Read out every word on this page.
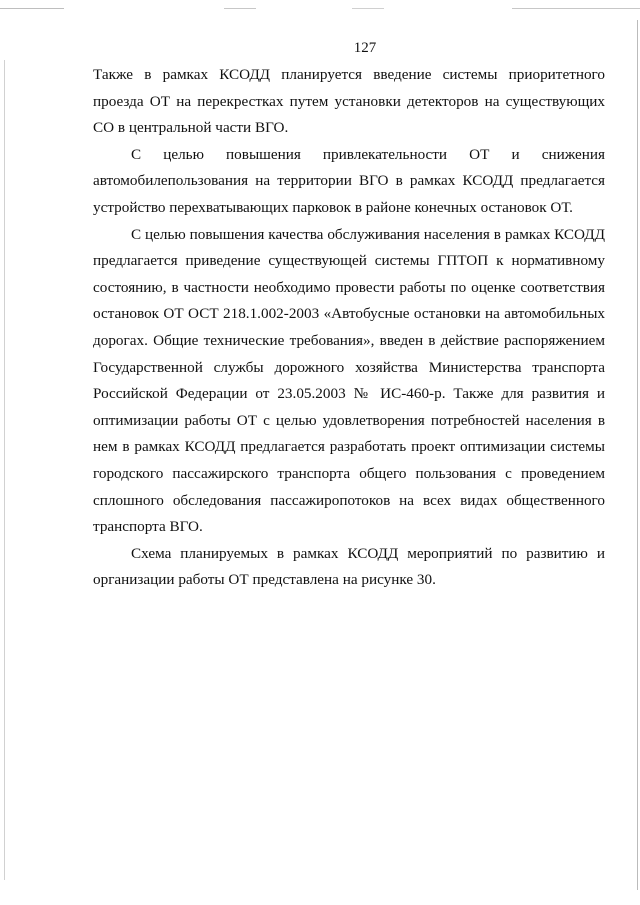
127

Также в рамках КСОДД планируется введение системы приоритетного проезда ОТ на перекрестках путем установки детекторов на существующих СО в центральной части ВГО.

С целью повышения привлекательности ОТ и снижения автомобилепользования на территории ВГО в рамках КСОДД предлагается устройство перехватывающих парковок в районе конечных остановок ОТ.

С целью повышения качества обслуживания населения в рамках КСОДД предлагается приведение существующей системы ГПТОП к нормативному состоянию, в частности необходимо провести работы по оценке соответствия остановок ОТ ОСТ 218.1.002-2003 «Автобусные остановки на автомобильных дорогах. Общие технические требования», введен в действие распоряжением Государственной службы дорожного хозяйства Министерства транспорта Российской Федерации от 23.05.2003 № ИС-460-р. Также для развития и оптимизации работы ОТ с целью удовлетворения потребностей населения в нем в рамках КСОДД предлагается разработать проект оптимизации системы городского пассажирского транспорта общего пользования с проведением сплошного обследования пассажиропотоков на всех видах общественного транспорта ВГО.

Схема планируемых в рамках КСОДД мероприятий по развитию и организации работы ОТ представлена на рисунке 30.
